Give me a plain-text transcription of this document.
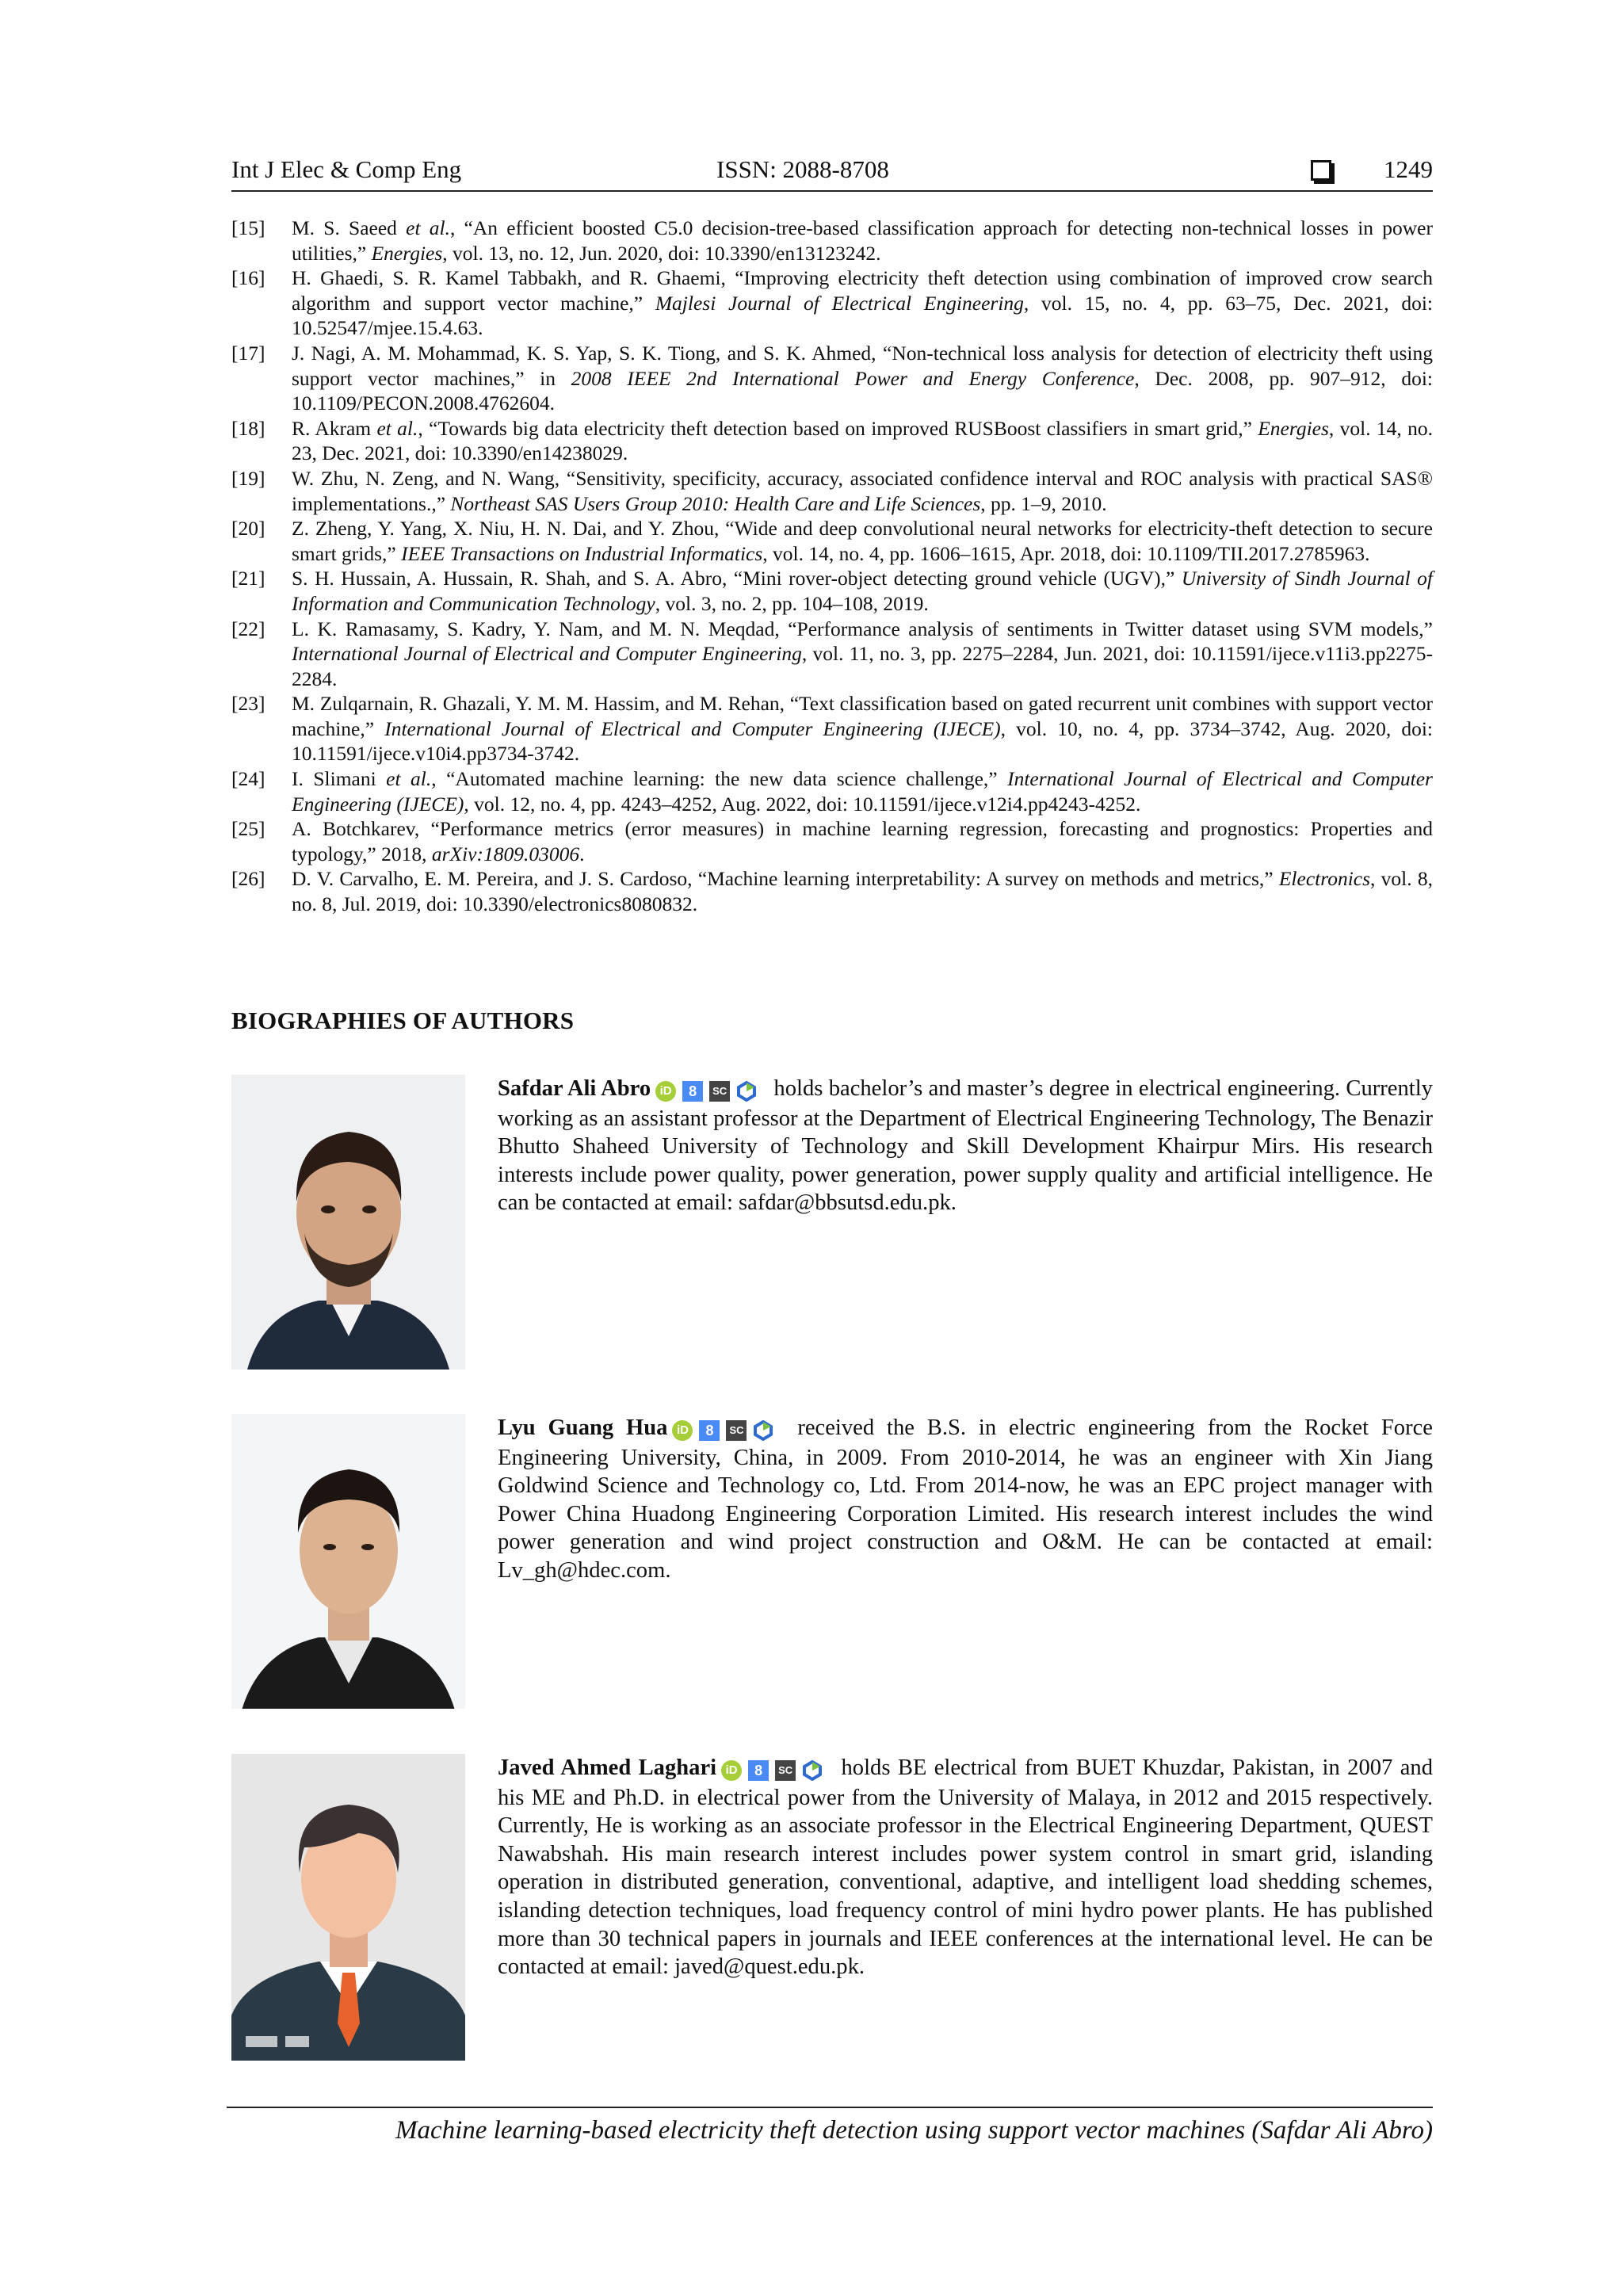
Int J Elec & Comp Eng	ISSN: 2088-8708	1249

[15] M. S. Saeed et al., “An efficient boosted C5.0 decision-tree-based classification approach for detecting non-technical losses in power utilities,” Energies, vol. 13, no. 12, Jun. 2020, doi: 10.3390/en13123242.

[16] H. Ghaedi, S. R. Kamel Tabbakh, and R. Ghaemi, “Improving electricity theft detection using combination of improved crow search algorithm and support vector machine,” Majlesi Journal of Electrical Engineering, vol. 15, no. 4, pp. 63–75, Dec. 2021, doi: 10.52547/mjee.15.4.63.

[17] J. Nagi, A. M. Mohammad, K. S. Yap, S. K. Tiong, and S. K. Ahmed, “Non-technical loss analysis for detection of electricity theft using support vector machines,” in 2008 IEEE 2nd International Power and Energy Conference, Dec. 2008, pp. 907–912, doi: 10.1109/PECON.2008.4762604.

[18] R. Akram et al., “Towards big data electricity theft detection based on improved RUSBoost classifiers in smart grid,” Energies, vol. 14, no. 23, Dec. 2021, doi: 10.3390/en14238029.

[19] W. Zhu, N. Zeng, and N. Wang, “Sensitivity, specificity, accuracy, associated confidence interval and ROC analysis with practical SAS® implementations.,” Northeast SAS Users Group 2010: Health Care and Life Sciences, pp. 1–9, 2010.

[20] Z. Zheng, Y. Yang, X. Niu, H. N. Dai, and Y. Zhou, “Wide and deep convolutional neural networks for electricity-theft detection to secure smart grids,” IEEE Transactions on Industrial Informatics, vol. 14, no. 4, pp. 1606–1615, Apr. 2018, doi: 10.1109/TII.2017.2785963.

[21] S. H. Hussain, A. Hussain, R. Shah, and S. A. Abro, “Mini rover-object detecting ground vehicle (UGV),” University of Sindh Journal of Information and Communication Technology, vol. 3, no. 2, pp. 104–108, 2019.

[22] L. K. Ramasamy, S. Kadry, Y. Nam, and M. N. Meqdad, “Performance analysis of sentiments in Twitter dataset using SVM models,” International Journal of Electrical and Computer Engineering, vol. 11, no. 3, pp. 2275–2284, Jun. 2021, doi: 10.11591/ijece.v11i3.pp2275-2284.

[23] M. Zulqarnain, R. Ghazali, Y. M. M. Hassim, and M. Rehan, “Text classification based on gated recurrent unit combines with support vector machine,” International Journal of Electrical and Computer Engineering (IJECE), vol. 10, no. 4, pp. 3734–3742, Aug. 2020, doi: 10.11591/ijece.v10i4.pp3734-3742.

[24] I. Slimani et al., “Automated machine learning: the new data science challenge,” International Journal of Electrical and Computer Engineering (IJECE), vol. 12, no. 4, pp. 4243–4252, Aug. 2022, doi: 10.11591/ijece.v12i4.pp4243-4252.

[25] A. Botchkarev, “Performance metrics (error measures) in machine learning regression, forecasting and prognostics: Properties and typology,” 2018, arXiv:1809.03006.

[26] D. V. Carvalho, E. M. Pereira, and J. S. Cardoso, “Machine learning interpretability: A survey on methods and metrics,” Electronics, vol. 8, no. 8, Jul. 2019, doi: 10.3390/electronics8080832.

BIOGRAPHIES OF AUTHORS
Safdar Ali Abro iD 8 SC holds bachelor’s and master’s degree in electrical engineering. Currently working as an assistant professor at the Department of Electrical Engineering Technology, The Benazir Bhutto Shaheed University of Technology and Skill Development Khairpur Mirs. His research interests include power quality, power generation, power supply quality and artificial intelligence. He can be contacted at email: safdar@bbsutsd.edu.pk.
Lyu Guang Hua iD 8 SC received the B.S. in electric engineering from the Rocket Force Engineering University, China, in 2009. From 2010-2014, he was an engineer with Xin Jiang Goldwind Science and Technology co, Ltd. From 2014-now, he was an EPC project manager with Power China Huadong Engineering Corporation Limited. His research interest includes the wind power generation and wind project construction and O&M. He can be contacted at email: Lv_gh@hdec.com.
Javed Ahmed Laghari iD 8 SC holds BE electrical from BUET Khuzdar, Pakistan, in 2007 and his ME and Ph.D. in electrical power from the University of Malaya, in 2012 and 2015 respectively. Currently, He is working as an associate professor in the Electrical Engineering Department, QUEST Nawabshah. His main research interest includes power system control in smart grid, islanding operation in distributed generation, conventional, adaptive, and intelligent load shedding schemes, islanding detection techniques, load frequency control of mini hydro power plants. He has published more than 30 technical papers in journals and IEEE conferences at the international level. He can be contacted at email: javed@quest.edu.pk.
Machine learning-based electricity theft detection using support vector machines (Safdar Ali Abro)
